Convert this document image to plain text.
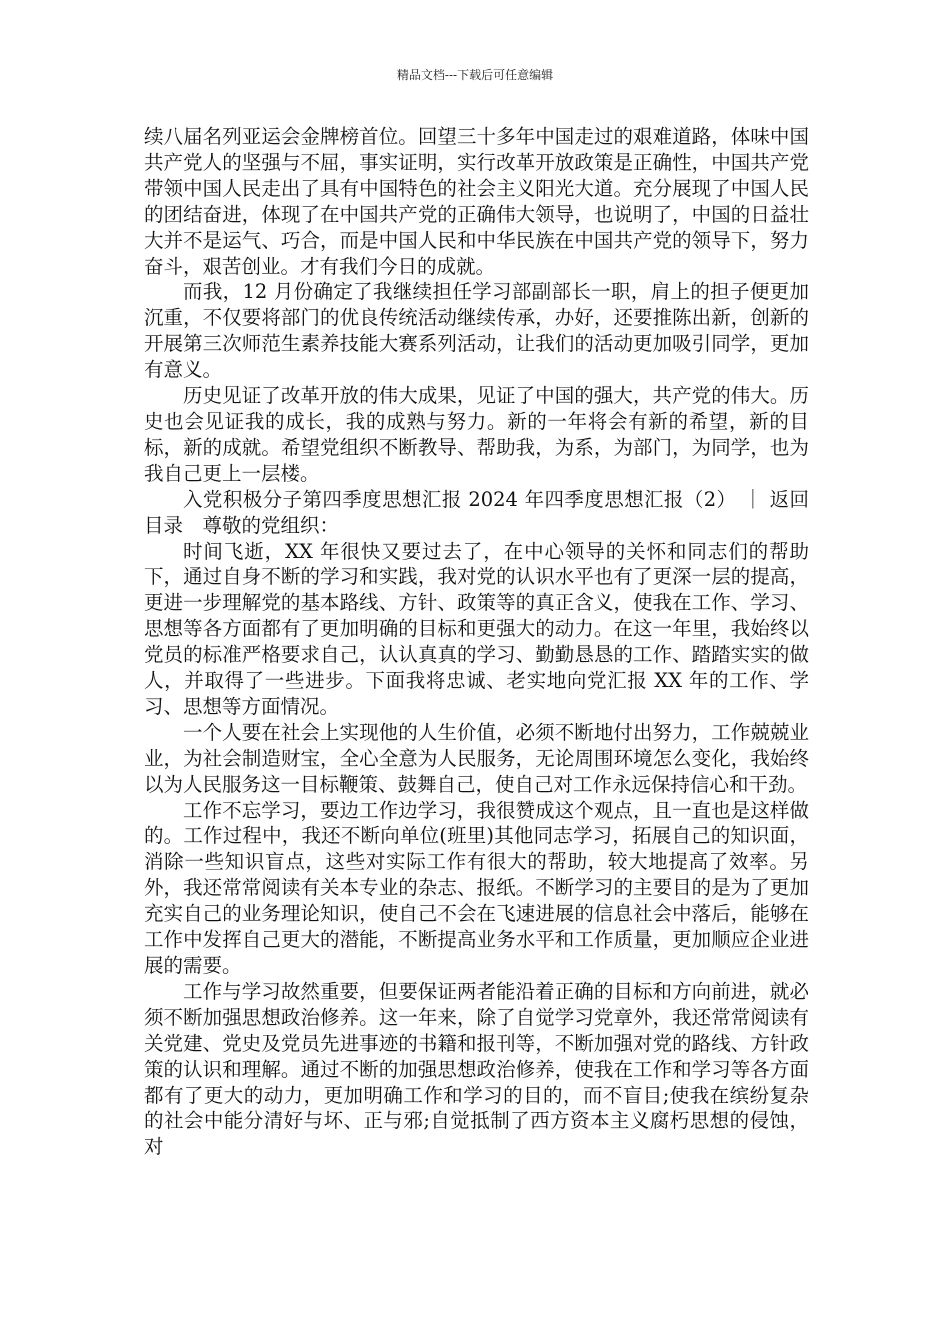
精品文档---下载后可任意编辑

续八届名列亚运会金牌榜首位。回望三十多年中国走过的艰难道路，体味中国共产党人的坚强与不屈，事实证明，实行改革开放政策是正确性，中国共产党带领中国人民走出了具有中国特色的社会主义阳光大道。充分展现了中国人民的团结奋进，体现了在中国共产党的正确伟大领导，也说明了，中国的日益壮大并不是运气、巧合，而是中国人民和中华民族在中国共产党的领导下，努力奋斗，艰苦创业。才有我们今日的成就。

而我，12 月份确定了我继续担任学习部副部长一职，肩上的担子便更加沉重，不仅要将部门的优良传统活动继续传承，办好，还要推陈出新，创新的开展第三次师范生素养技能大赛系列活动，让我们的活动更加吸引同学，更加有意义。

历史见证了改革开放的伟大成果，见证了中国的强大，共产党的伟大。历史也会见证我的成长，我的成熟与努力。新的一年将会有新的希望，新的目标，新的成就。希望党组织不断教导、帮助我，为系，为部门，为同学，也为我自己更上一层楼。

入党积极分子第四季度思想汇报 2024 年四季度思想汇报（2） ｜ 返回目录　尊敬的党组织：

时间飞逝，XX 年很快又要过去了，在中心领导的关怀和同志们的帮助下，通过自身不断的学习和实践，我对党的认识水平也有了更深一层的提高，更进一步理解党的基本路线、方针、政策等的真正含义，使我在工作、学习、思想等各方面都有了更加明确的目标和更强大的动力。在这一年里，我始终以党员的标准严格要求自己，认认真真的学习、勤勤恳恳的工作、踏踏实实的做人，并取得了一些进步。下面我将忠诚、老实地向党汇报 XX 年的工作、学习、思想等方面情况。

一个人要在社会上实现他的人生价值，必须不断地付出努力，工作兢兢业业，为社会制造财宝，全心全意为人民服务，无论周围环境怎么变化，我始终以为人民服务这一目标鞭策、鼓舞自己，使自己对工作永远保持信心和干劲。

工作不忘学习，要边工作边学习，我很赞成这个观点，且一直也是这样做的。工作过程中，我还不断向单位(班里)其他同志学习，拓展自己的知识面，消除一些知识盲点，这些对实际工作有很大的帮助，较大地提高了效率。另外，我还常常阅读有关本专业的杂志、报纸。不断学习的主要目的是为了更加充实自己的业务理论知识，使自己不会在飞速进展的信息社会中落后，能够在工作中发挥自己更大的潜能，不断提高业务水平和工作质量，更加顺应企业进展的需要。

工作与学习故然重要，但要保证两者能沿着正确的目标和方向前进，就必须不断加强思想政治修养。这一年来，除了自觉学习党章外，我还常常阅读有关党建、党史及党员先进事迹的书籍和报刊等，不断加强对党的路线、方针政策的认识和理解。通过不断的加强思想政治修养，使我在工作和学习等各方面都有了更大的动力，更加明确工作和学习的目的，而不盲目;使我在缤纷复杂的社会中能分清好与坏、正与邪;自觉抵制了西方资本主义腐朽思想的侵蚀，对
